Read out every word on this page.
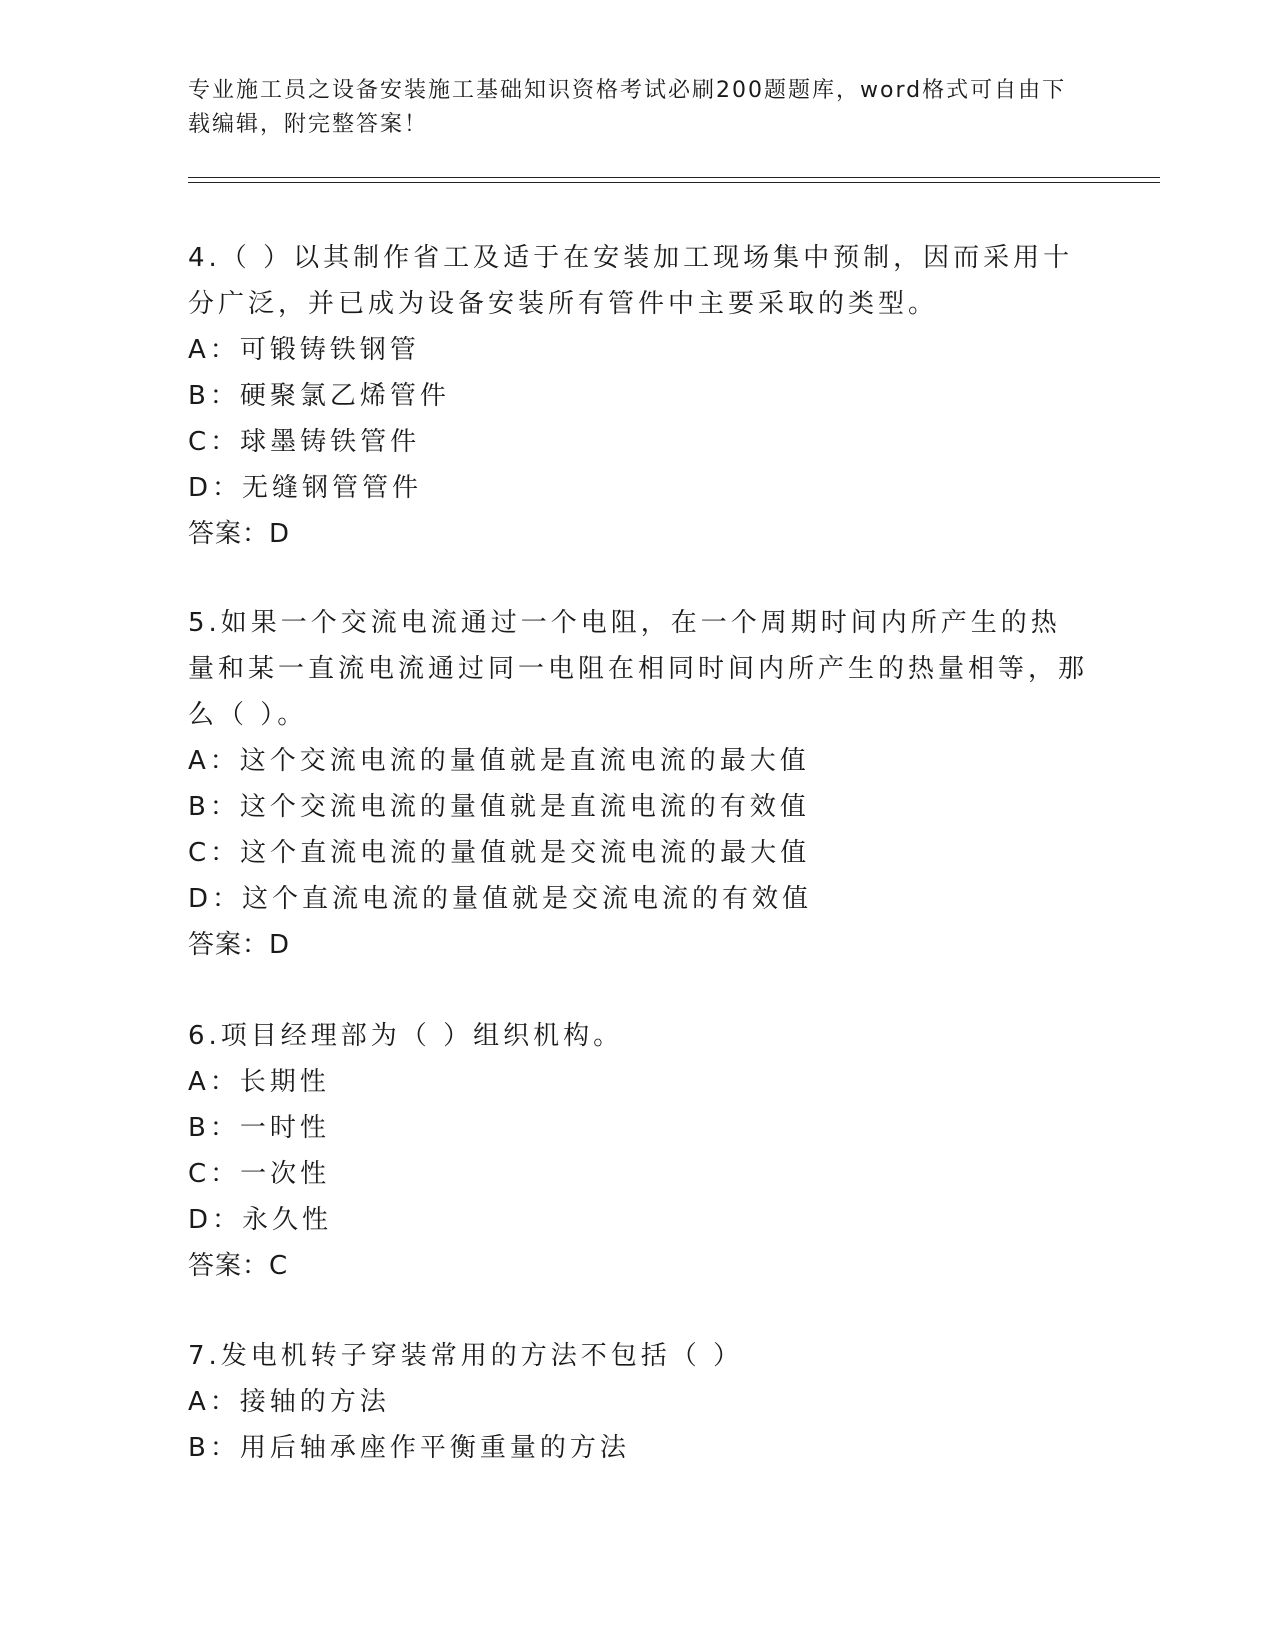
专业施工员之设备安装施工基础知识资格考试必刷200题题库，word格式可自由下载编辑，附完整答案！

4.（ ）以其制作省工及适于在安装加工现场集中预制，因而采用十分广泛，并已成为设备安装所有管件中主要采取的类型。

A：可锻铸铁钢管

B：硬聚氯乙烯管件

C：球墨铸铁管件

D：无缝钢管管件

答案：D

5.如果一个交流电流通过一个电阻，在一个周期时间内所产生的热量和某一直流电流通过同一电阻在相同时间内所产生的热量相等，那么（ ）。

A：这个交流电流的量值就是直流电流的最大值

B：这个交流电流的量值就是直流电流的有效值

C：这个直流电流的量值就是交流电流的最大值

D：这个直流电流的量值就是交流电流的有效值

答案：D

6.项目经理部为（ ）组织机构。

A：长期性

B：一时性

C：一次性

D：永久性

答案：C

7.发电机转子穿装常用的方法不包括（ ）

A：接轴的方法

B：用后轴承座作平衡重量的方法
